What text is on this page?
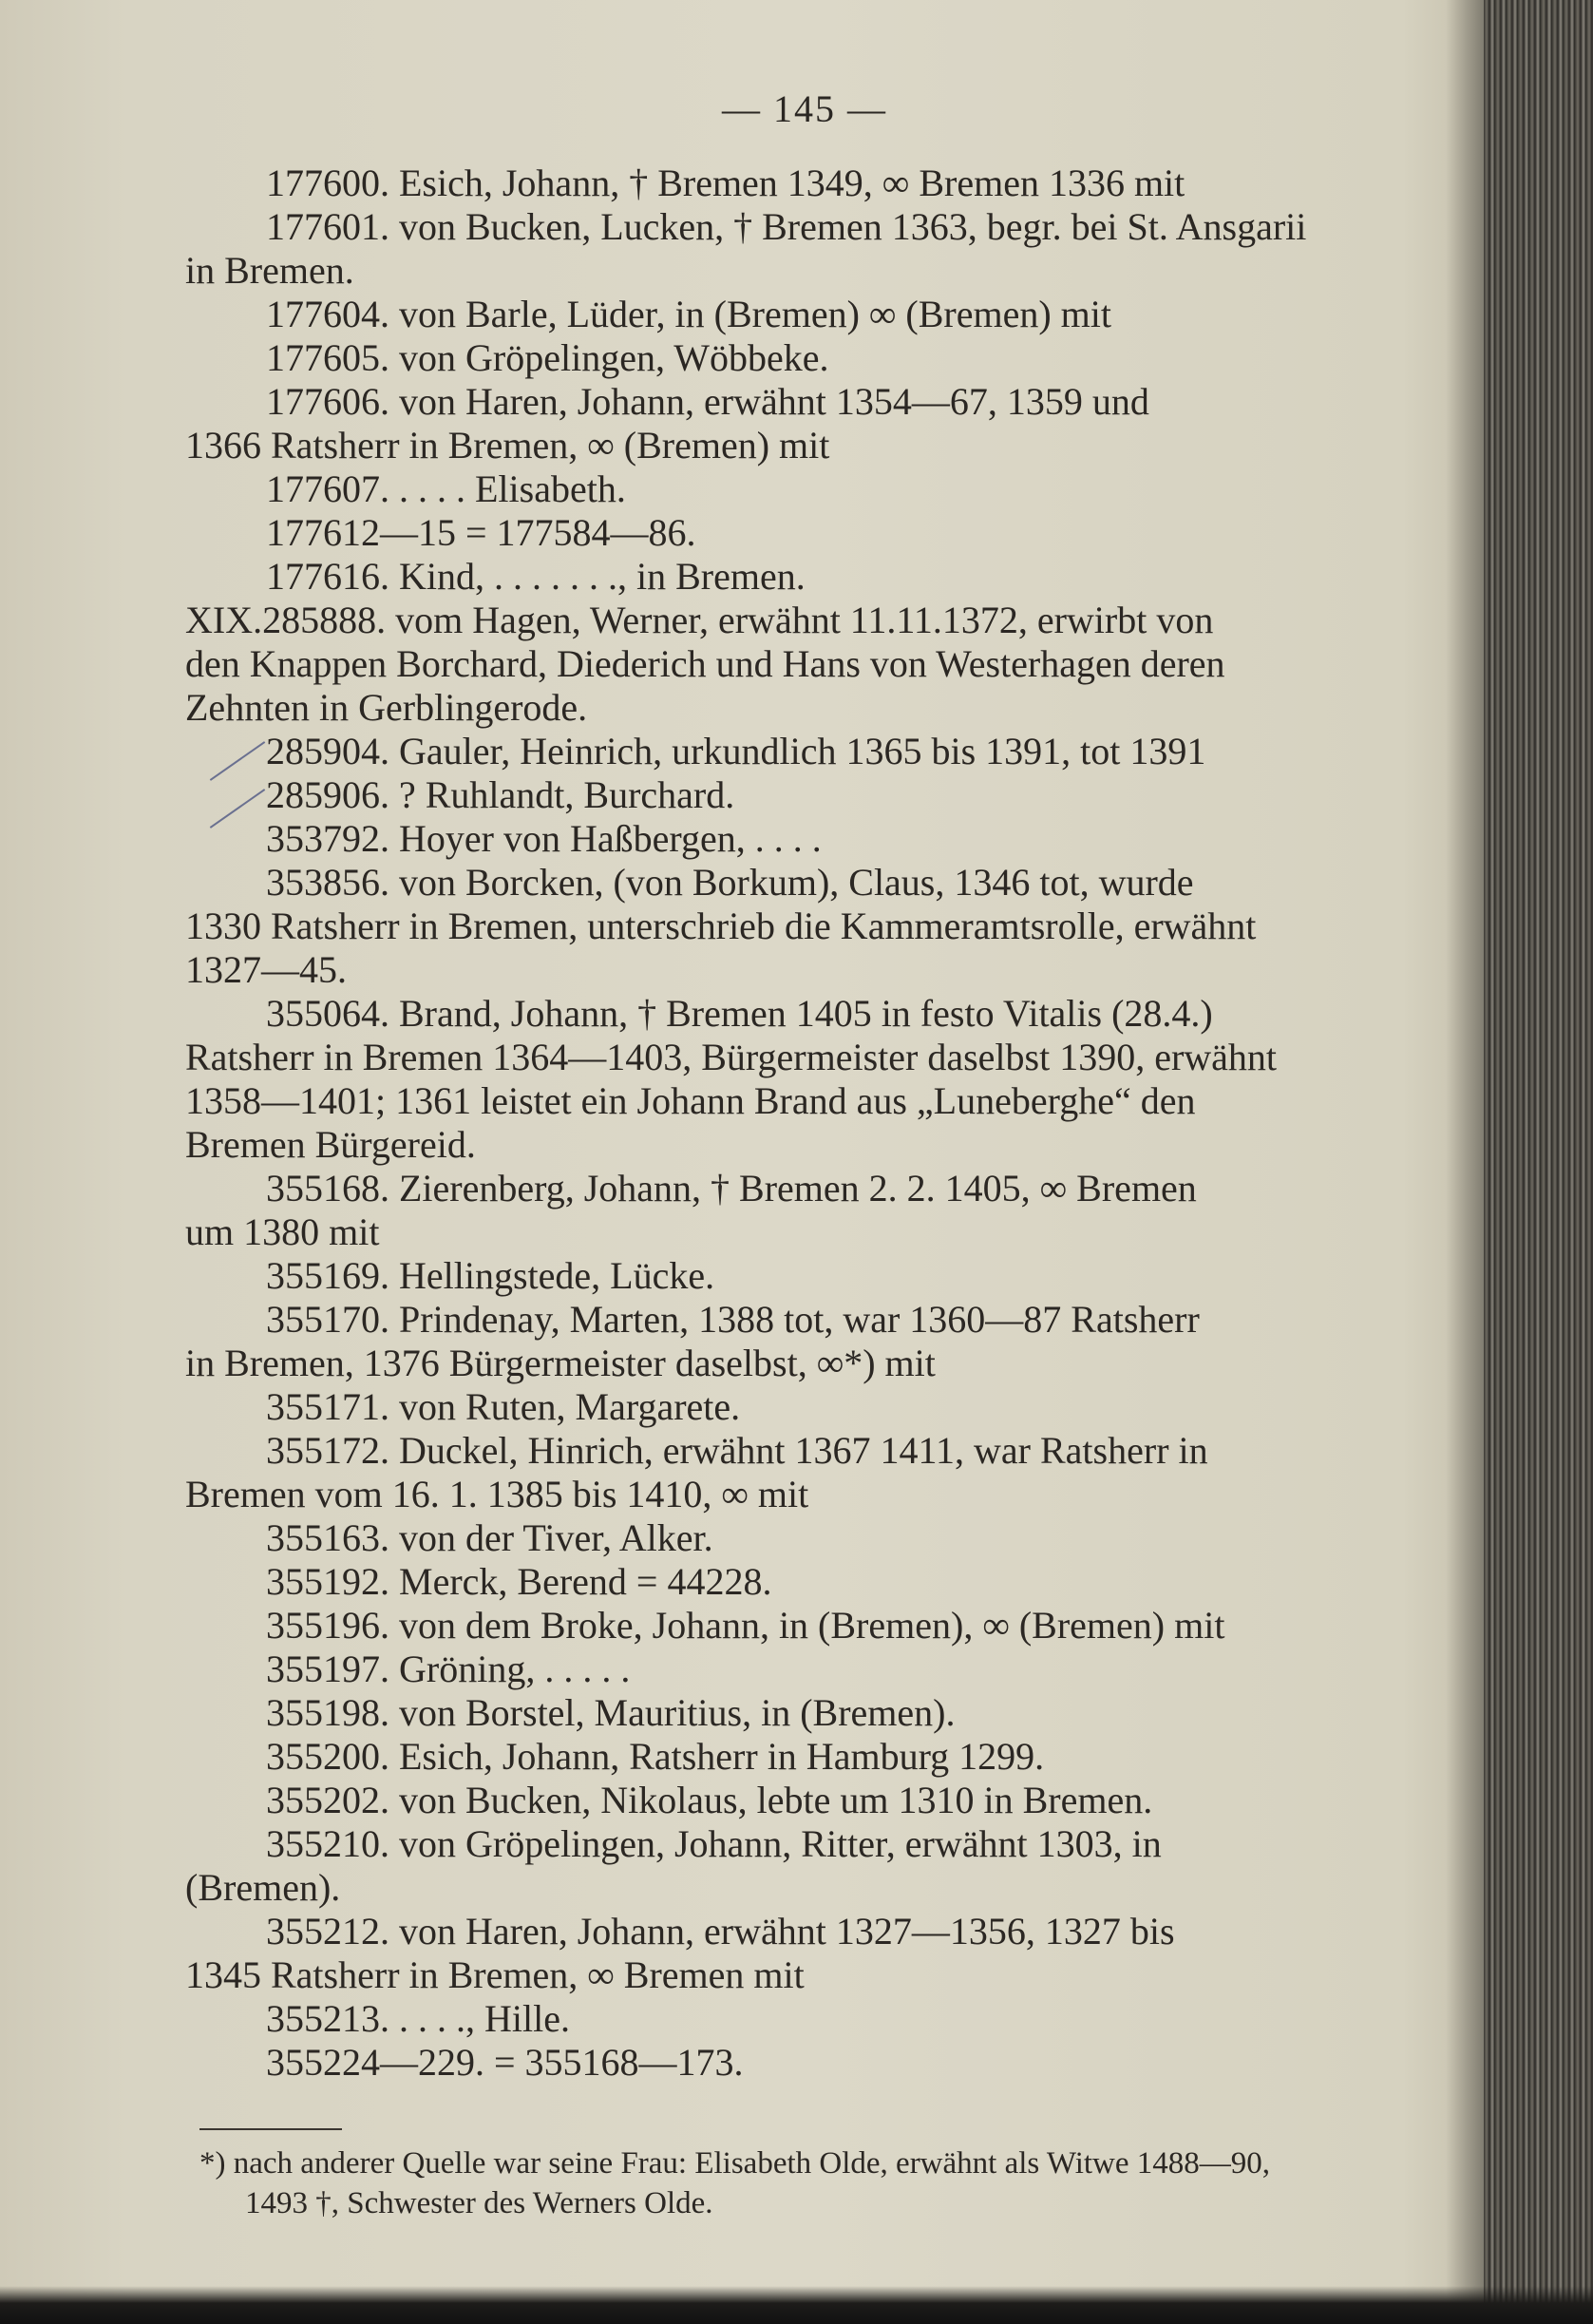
— 145 —
177600. Esich, Johann, † Bremen 1349, ∞ Bremen 1336 mit
177601. von Bucken, Lucken, † Bremen 1363, begr. bei St. Ansgarii
in Bremen.
177604. von Barle, Lüder, in (Bremen) ∞ (Bremen) mit
177605. von Gröpelingen, Wöbbeke.
177606. von Haren, Johann, erwähnt 1354—67, 1359 und
1366 Ratsherr in Bremen, ∞ (Bremen) mit
177607. . . . . Elisabeth.
177612—15 = 177584—86.
177616. Kind, . . . . . . ., in Bremen.
XIX.285888. vom Hagen, Werner, erwähnt 11.11.1372, erwirbt von
den Knappen Borchard, Diederich und Hans von Westerhagen deren
Zehnten in Gerblingerode.
285904. Gauler, Heinrich, urkundlich 1365 bis 1391, tot 1391
285906. ? Ruhlandt, Burchard.
353792. Hoyer von Haßbergen, . . . .
353856. von Borcken, (von Borkum), Claus, 1346 tot, wurde
1330 Ratsherr in Bremen, unterschrieb die Kammeramtsrolle, erwähnt
1327—45.
355064. Brand, Johann, † Bremen 1405 in festo Vitalis (28.4.)
Ratsherr in Bremen 1364—1403, Bürgermeister daselbst 1390, erwähnt
1358—1401; 1361 leistet ein Johann Brand aus „Luneberghe“ den
Bremen Bürgereid.
355168. Zierenberg, Johann, † Bremen 2. 2. 1405, ∞ Bremen
um 1380 mit
355169. Hellingstede, Lücke.
355170. Prindenay, Marten, 1388 tot, war 1360—87 Ratsherr
in Bremen, 1376 Bürgermeister daselbst, ∞*) mit
355171. von Ruten, Margarete.
355172. Duckel, Hinrich, erwähnt 1367 1411, war Ratsherr in
Bremen vom 16. 1. 1385 bis 1410, ∞ mit
355163. von der Tiver, Alker.
355192. Merck, Berend = 44228.
355196. von dem Broke, Johann, in (Bremen), ∞ (Bremen) mit
355197. Gröning, . . . . .
355198. von Borstel, Mauritius, in (Bremen).
355200. Esich, Johann, Ratsherr in Hamburg 1299.
355202. von Bucken, Nikolaus, lebte um 1310 in Bremen.
355210. von Gröpelingen, Johann, Ritter, erwähnt 1303, in
(Bremen).
355212. von Haren, Johann, erwähnt 1327—1356, 1327 bis
1345 Ratsherr in Bremen, ∞ Bremen mit
355213. . . . ., Hille.
355224—229. = 355168—173.
*) nach anderer Quelle war seine Frau: Elisabeth Olde, erwähnt als Witwe 1488—90,
1493 †, Schwester des Werners Olde.
